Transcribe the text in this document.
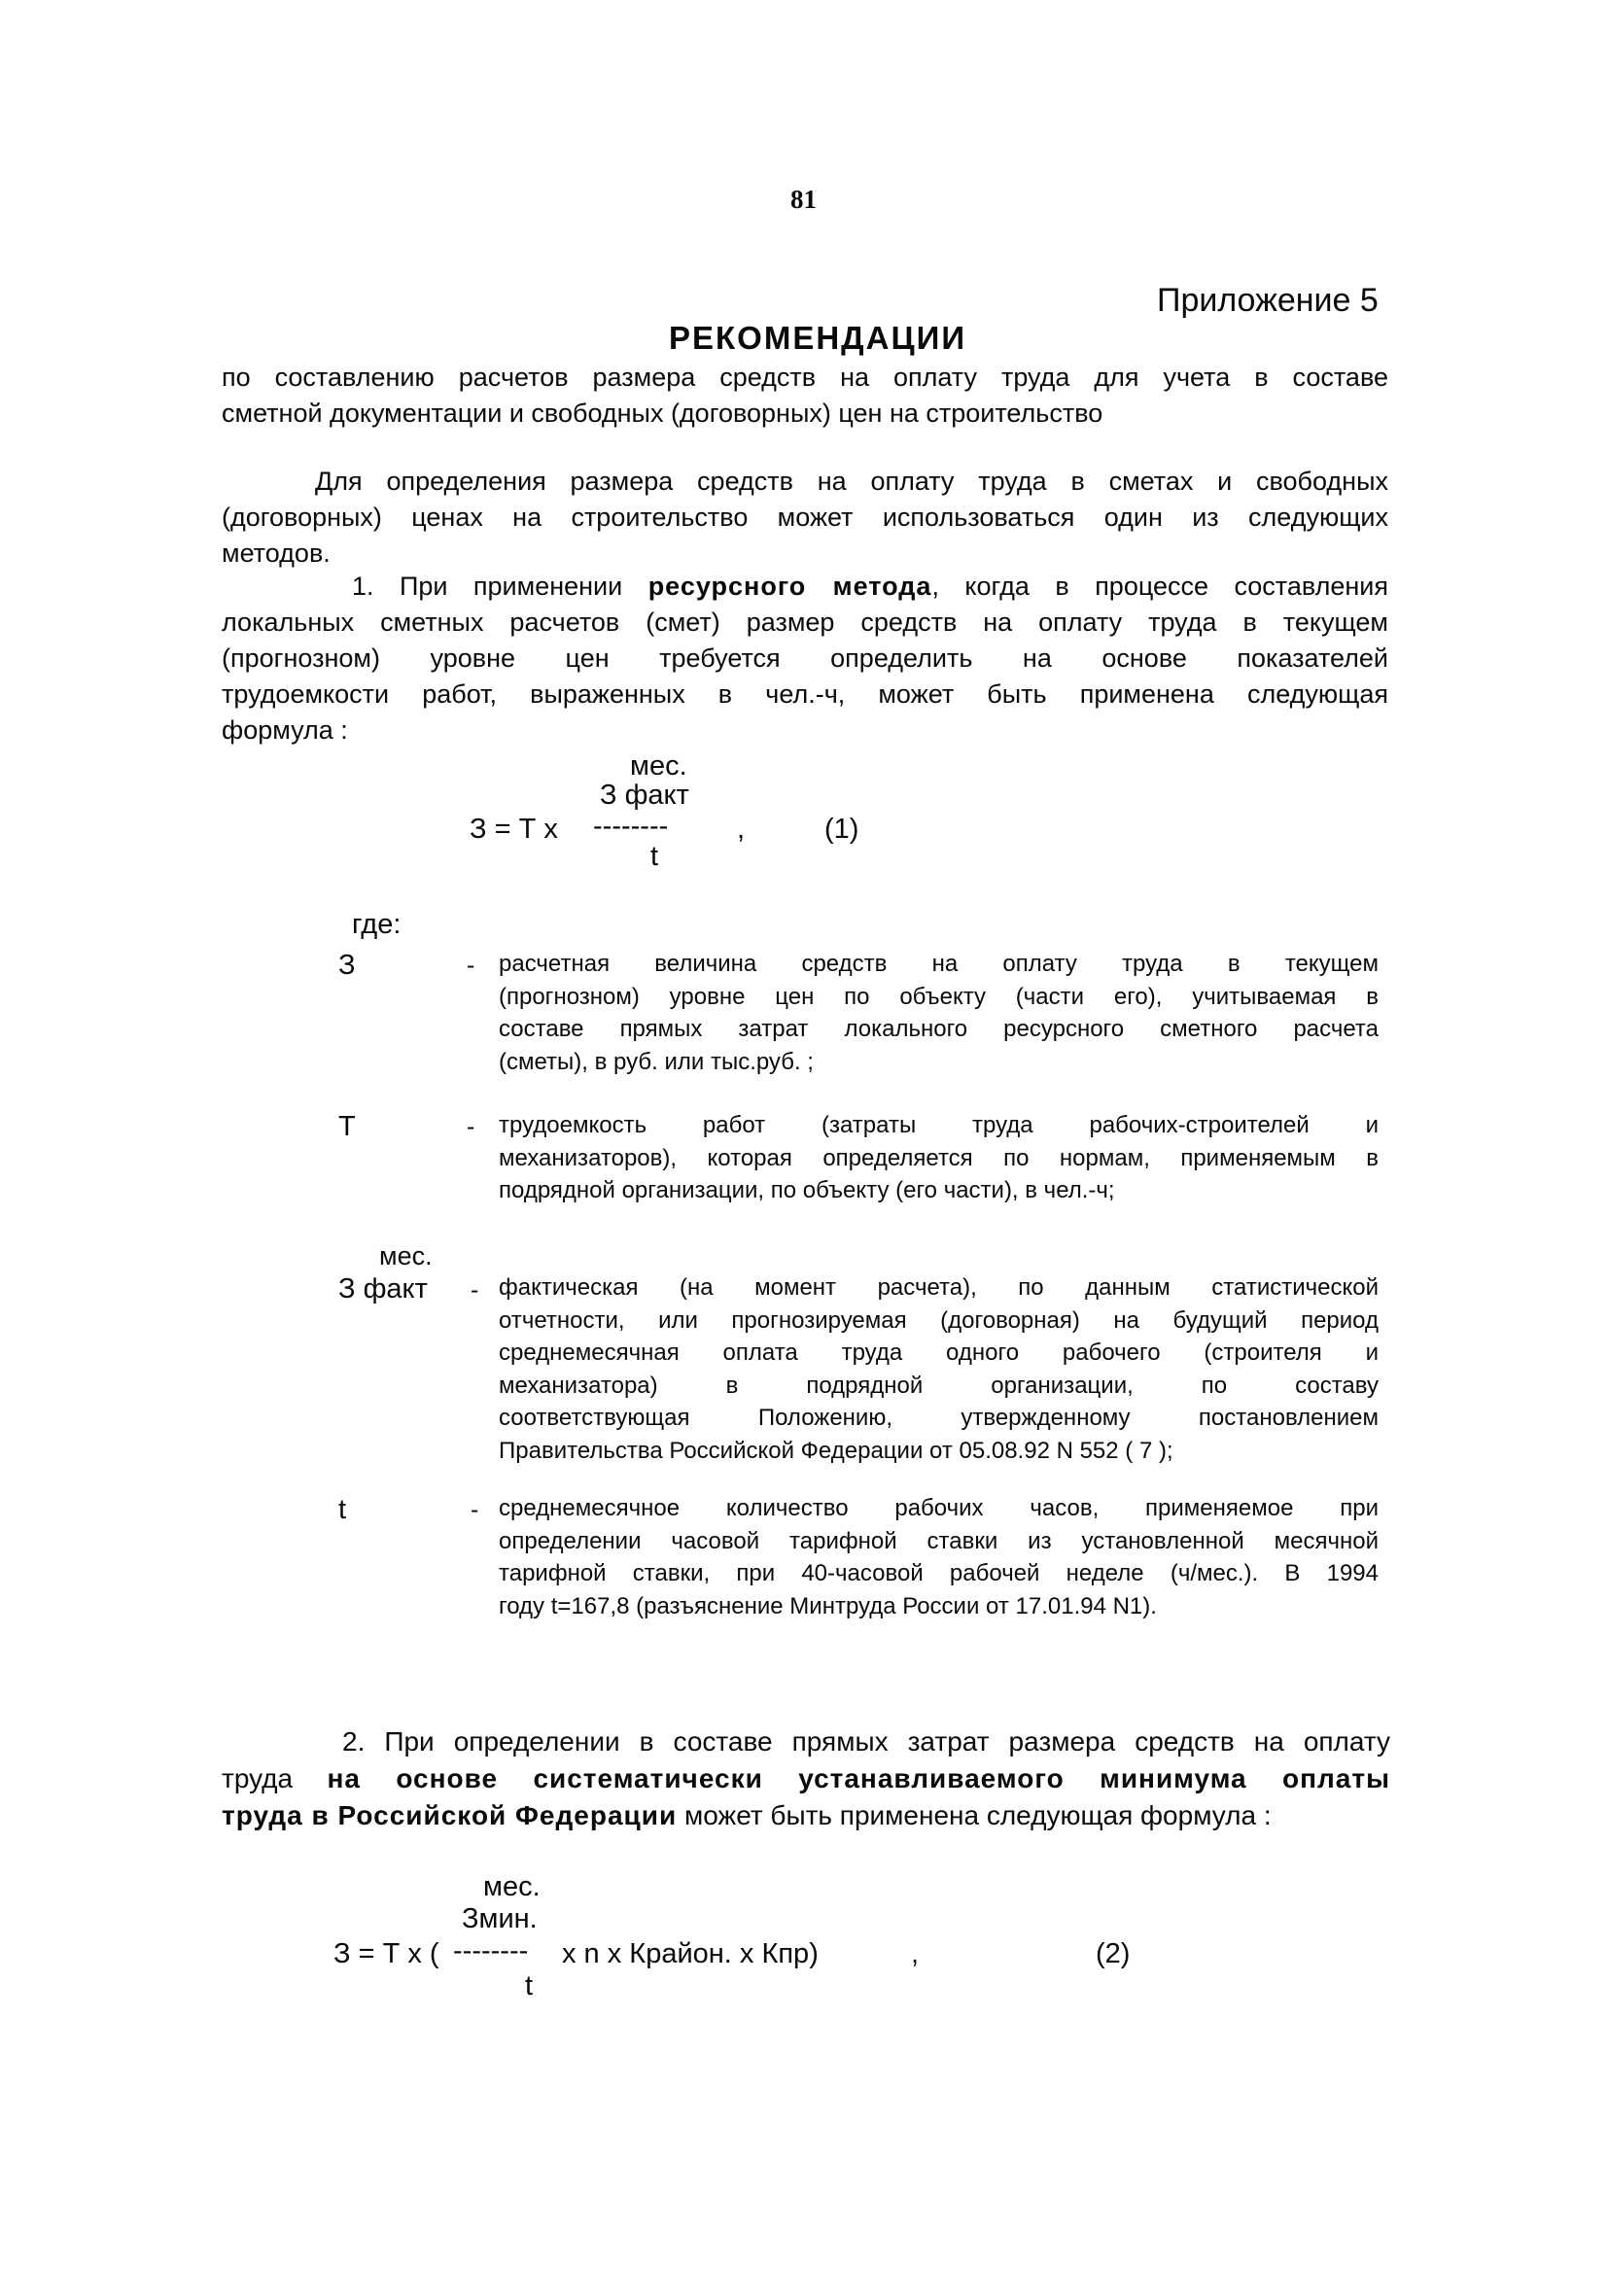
81
Приложение 5
РЕКОМЕНДАЦИИ
по составлению расчетов размера средств на оплату труда для учета в составе
сметной документации и свободных (договорных) цен на строительство
Для определения размера средств на оплату труда в сметах и свободных
(договорных) ценах на строительство может использоваться один из следующих
методов.
1. При применении ресурсного метода, когда в процессе составления
локальных сметных расчетов (смет) размер средств на оплату труда в текущем
(прогнозном) уровне цен требуется определить на основе показателей
трудоемкости работ, выраженных в чел.-ч, может быть применена следующая
формула :
мес.
З факт
З = Т х -------- ,	(1)
t
где:
З	- расчетная величина средств на оплату труда в текущем
(прогнозном) уровне цен по объекту (части его), учитываемая в
составе прямых затрат локального ресурсного сметного расчета
(сметы), в руб. или тыс.руб. ;
Т	- трудоемкость работ (затраты труда рабочих-строителей и
механизаторов), которая определяется по нормам, применяемым в
подрядной организации, по объекту (его части), в чел.-ч;
мес.
З факт - фактическая (на момент расчета), по данным статистической
отчетности, или прогнозируемая (договорная) на будущий период
среднемесячная оплата труда одного рабочего (строителя и
механизатора) в подрядной организации, по составу
соответствующая Положению, утвержденному постановлением
Правительства Российской Федерации от 05.08.92 N 552 ( 7 );
t	- среднемесячное количество рабочих часов, применяемое при
определении часовой тарифной ставки из установленной месячной
тарифной ставки, при 40-часовой рабочей неделе (ч/мес.). В 1994
году t=167,8 (разъяснение Минтруда России от 17.01.94 N1).
2. При определении в составе прямых затрат размера средств на оплату
труда на основе систематически устанавливаемого минимума оплаты
труда в Российской Федерации может быть применена следующая формула :
мес.
Змин.
З = Т х ( -------- х n х Крайон. х Кпр)	,	(2)
t
